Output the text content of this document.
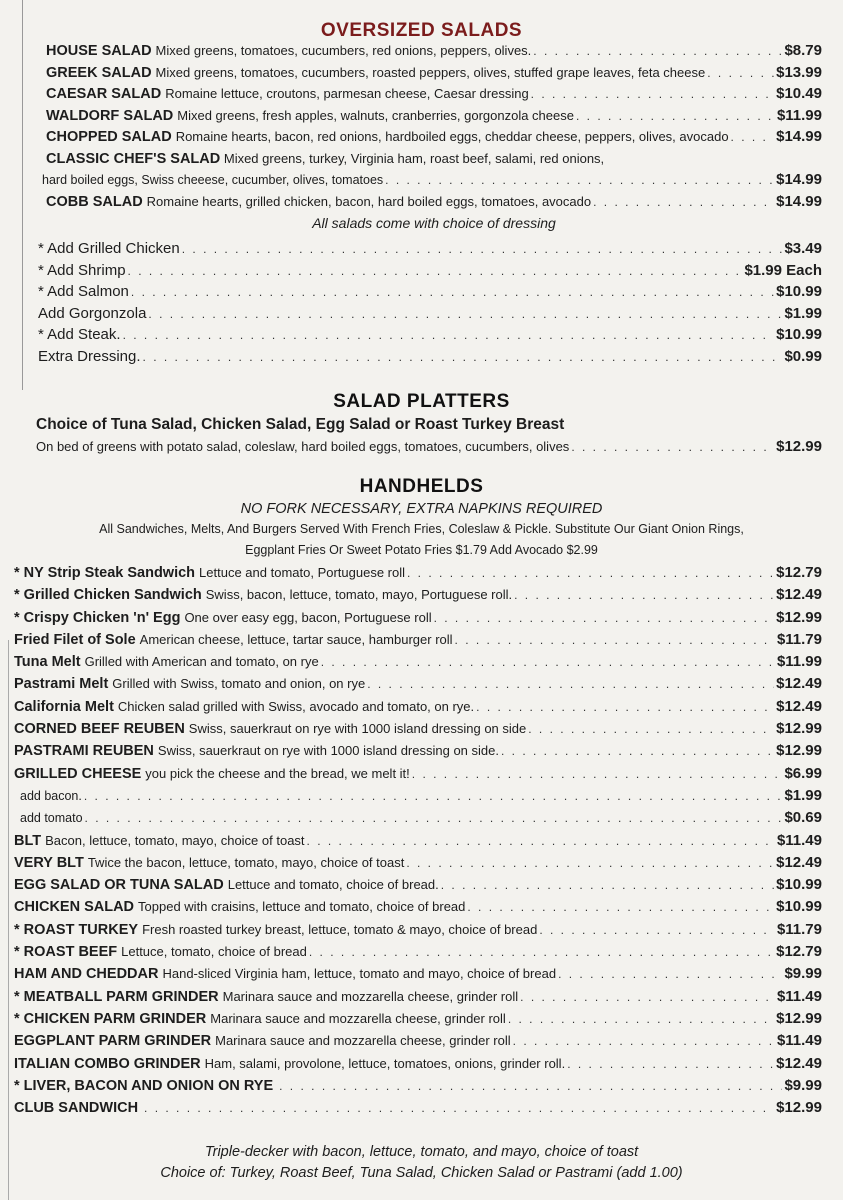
OVERSIZED SALADS
HOUSE SALAD Mixed greens, tomatoes, cucumbers, red onions, peppers, olives. . . .	$8.79
GREEK SALAD Mixed greens, tomatoes, cucumbers, roasted peppers, olives, stuffed grape leaves, feta cheese . . .	$13.99
CAESAR SALAD Romaine lettuce, croutons, parmesan cheese, Caesar dressing . . .	$10.49
WALDORF SALAD Mixed greens, fresh apples, walnuts, cranberries, gorgonzola cheese . . .	$11.99
CHOPPED SALAD Romaine hearts, bacon, red onions, hardboiled eggs, cheddar cheese, peppers, olives, avocado . . .	$14.99
CLASSIC CHEF'S SALAD Mixed greens, turkey, Virginia ham, roast beef, salami, red onions,
hard boiled eggs, Swiss cheeese, cucumber, olives, tomatoes . . .	$14.99
COBB SALAD Romaine hearts, grilled chicken, bacon, hard boiled eggs, tomatoes, avocado . . .	$14.99
All salads come with choice of dressing
* Add Grilled Chicken . . .	$3.49
* Add Shrimp . . .	$1.99 Each
* Add Salmon . . .	$10.99
Add Gorgonzola . . .	$1.99
* Add Steak. . . .	$10.99
Extra Dressing. . . .	$0.99
SALAD PLATTERS
Choice of Tuna Salad, Chicken Salad, Egg Salad or Roast Turkey Breast
On bed of greens with potato salad, coleslaw, hard boiled eggs, tomatoes, cucumbers, olives . . .	$12.99
HANDHELDS
NO FORK NECESSARY, EXTRA NAPKINS REQUIRED
All Sandwiches, Melts, And Burgers Served With French Fries, Coleslaw & Pickle. Substitute Our Giant Onion Rings,
Eggplant Fries Or Sweet Potato Fries $1.79 Add Avocado $2.99
* NY Strip Steak Sandwich Lettuce and tomato, Portuguese roll . . .	$12.79
* Grilled Chicken Sandwich Swiss, bacon, lettuce, tomato, mayo, Portuguese roll. . . .	$12.49
* Crispy Chicken 'n' Egg One over easy egg, bacon, Portuguese roll . . .	$12.99
Fried Filet of Sole American cheese, lettuce, tartar sauce, hamburger roll . . .	$11.79
Tuna Melt Grilled with American and tomato, on rye . . .	$11.99
Pastrami Melt Grilled with Swiss, tomato and onion, on rye . . .	$12.49
California Melt Chicken salad grilled with Swiss, avocado and tomato, on rye. . . .	$12.49
CORNED BEEF REUBEN Swiss, sauerkraut on rye with 1000 island dressing on side . . .	$12.99
PASTRAMI REUBEN Swiss, sauerkraut on rye with 1000 island dressing on side. . . .	$12.99
GRILLED CHEESE you pick the cheese and the bread, we melt it! . . .	$6.99
add bacon. . . .	$1.99
add tomato . . .	$0.69
BLT Bacon, lettuce, tomato, mayo, choice of toast . . .	$11.49
VERY BLT Twice the bacon, lettuce, tomato, mayo, choice of toast . . .	$12.49
EGG SALAD OR TUNA SALAD Lettuce and tomato, choice of bread. . . .	$10.99
CHICKEN SALAD Topped with craisins, lettuce and tomato, choice of bread . . .	$10.99
* ROAST TURKEY Fresh roasted turkey breast, lettuce, tomato & mayo, choice of bread . . .	$11.79
* ROAST BEEF Lettuce, tomato, choice of bread . . .	$12.79
HAM AND CHEDDAR Hand-sliced Virginia ham, lettuce, tomato and mayo, choice of bread . . .	$9.99
* MEATBALL PARM GRINDER Marinara sauce and mozzarella cheese, grinder roll . . .	$11.49
* CHICKEN PARM GRINDER Marinara sauce and mozzarella cheese, grinder roll . . .	$12.99
EGGPLANT PARM GRINDER Marinara sauce and mozzarella cheese, grinder roll . . .	$11.49
ITALIAN COMBO GRINDER Ham, salami, provolone, lettuce, tomatoes, onions, grinder roll. . . .	$12.49
* LIVER, BACON AND ONION ON RYE . . .	$9.99
CLUB SANDWICH . . .	$12.99
Triple-decker with bacon, lettuce, tomato, and mayo, choice of toast
Choice of: Turkey, Roast Beef, Tuna Salad, Chicken Salad or Pastrami (add 1.00)
